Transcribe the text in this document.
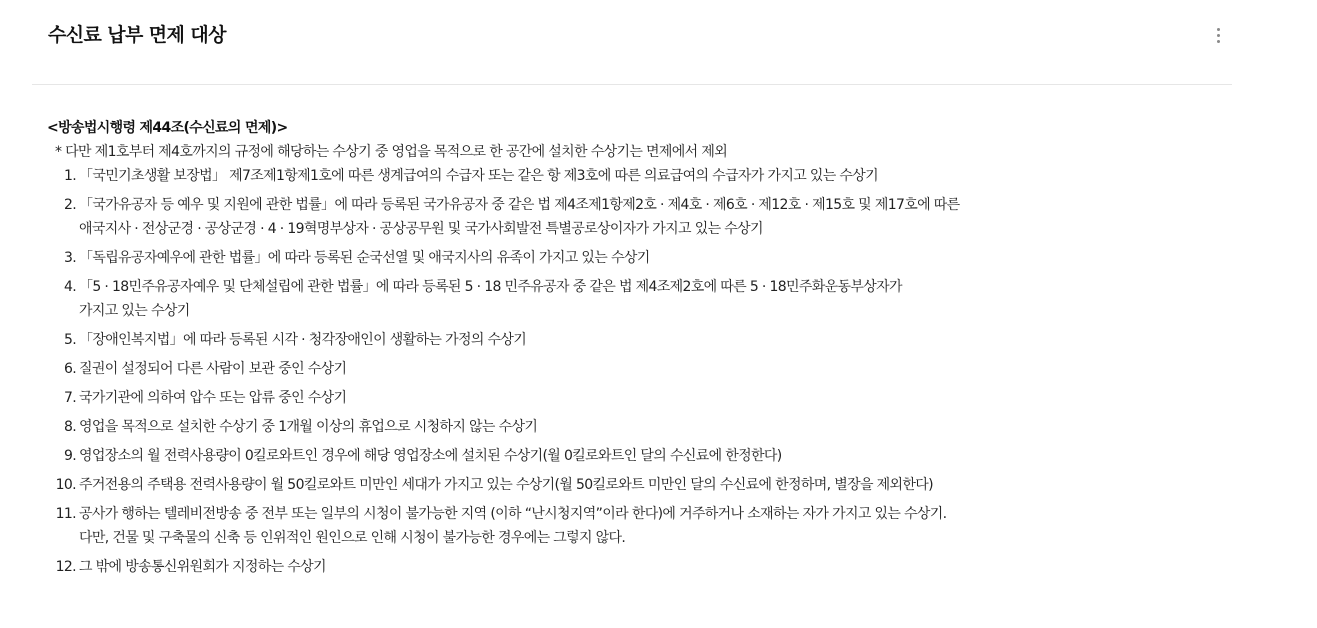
수신료 납부 면제 대상
<방송법시행령 제44조(수신료의 면제)>
* 다만 제1호부터 제4호까지의 규정에 해당하는 수상기 중 영업을 목적으로 한 공간에 설치한 수상기는 면제에서 제외
1. 「국민기초생활 보장법」 제7조제1항제1호에 따른 생계급여의 수급자 또는 같은 항 제3호에 따른 의료급여의 수급자가 가지고 있는 수상기
2. 「국가유공자 등 예우 및 지원에 관한 법률」에 따라 등록된 국가유공자 중 같은 법 제4조제1항제2호 · 제4호 · 제6호 · 제12호 · 제15호 및 제17호에 따른
애국지사 · 전상군경 · 공상군경 · 4 · 19혁명부상자 · 공상공무원 및 국가사회발전 특별공로상이자가 가지고 있는 수상기
3. 「독립유공자예우에 관한 법률」에 따라 등록된 순국선열 및 애국지사의 유족이 가지고 있는 수상기
4. 「5 · 18민주유공자예우 및 단체설립에 관한 법률」에 따라 등록된 5 · 18 민주유공자 중 같은 법 제4조제2호에 따른 5 · 18민주화운동부상자가
가지고 있는 수상기
5. 「장애인복지법」에 따라 등록된 시각 · 청각장애인이 생활하는 가정의 수상기
6. 질권이 설정되어 다른 사람이 보관 중인 수상기
7. 국가기관에 의하여 압수 또는 압류 중인 수상기
8. 영업을 목적으로 설치한 수상기 중 1개월 이상의 휴업으로 시청하지 않는 수상기
9. 영업장소의 월 전력사용량이 0킬로와트인 경우에 해당 영업장소에 설치된 수상기(월 0킬로와트인 달의 수신료에 한정한다)
10. 주거전용의 주택용 전력사용량이 월 50킬로와트 미만인 세대가 가지고 있는 수상기(월 50킬로와트 미만인 달의 수신료에 한정하며, 별장을 제외한다)
11. 공사가 행하는 텔레비전방송 중 전부 또는 일부의 시청이 불가능한 지역 (이하 “난시청지역”이라 한다)에 거주하거나 소재하는 자가 가지고 있는 수상기.
다만, 건물 및 구축물의 신축 등 인위적인 원인으로 인해 시청이 불가능한 경우에는 그렇지 않다.
12. 그 밖에 방송통신위원회가 지정하는 수상기
